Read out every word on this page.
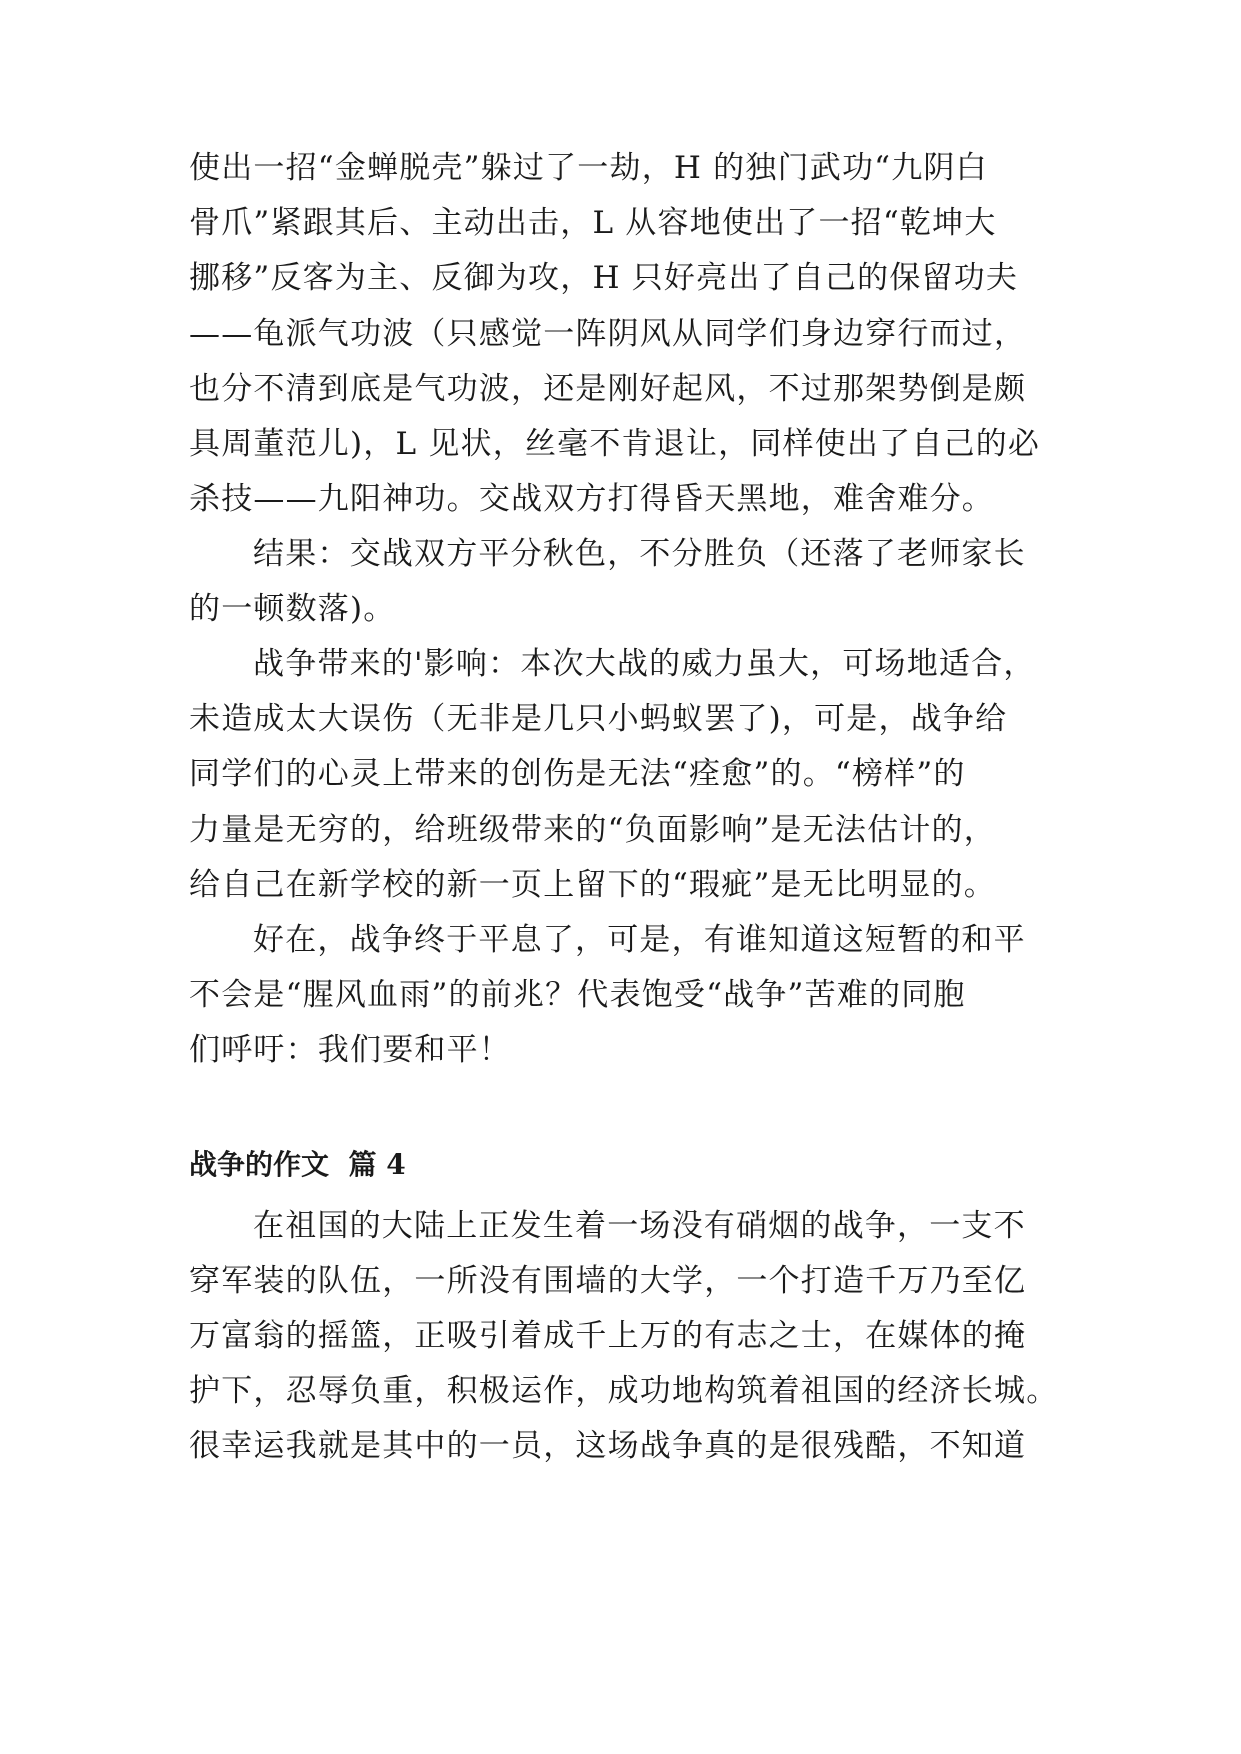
使出一招“金蝉脱壳”躲过了一劫，H 的独门武功“九阴白

骨爪”紧跟其后、主动出击，L 从容地使出了一招“乾坤大

挪移”反客为主、反御为攻，H 只好亮出了自己的保留功夫

——龟派气功波（只感觉一阵阴风从同学们身边穿行而过，

也分不清到底是气功波，还是刚好起风，不过那架势倒是颇

具周董范儿)，L 见状，丝毫不肯退让，同样使出了自己的必

杀技——九阳神功。交战双方打得昏天黑地，难舍难分。

结果：交战双方平分秋色，不分胜负（还落了老师家长

的一顿数落)。

战争带来的'影响：本次大战的威力虽大，可场地适合，

未造成太大误伤（无非是几只小蚂蚁罢了)，可是，战争给

同学们的心灵上带来的创伤是无法“痊愈”的。“榜样”的

力量是无穷的，给班级带来的“负面影响”是无法估计的，

给自己在新学校的新一页上留下的“瑕疵”是无比明显的。

好在，战争终于平息了，可是，有谁知道这短暂的和平

不会是“腥风血雨”的前兆？代表饱受“战争”苦难的同胞

们呼吁：我们要和平！

战争的作文  篇 4

在祖国的大陆上正发生着一场没有硝烟的战争，一支不

穿军装的队伍，一所没有围墙的大学，一个打造千万乃至亿

万富翁的摇篮，正吸引着成千上万的有志之士，在媒体的掩

护下，忍辱负重，积极运作，成功地构筑着祖国的经济长城。

很幸运我就是其中的一员，这场战争真的是很残酷，不知道
